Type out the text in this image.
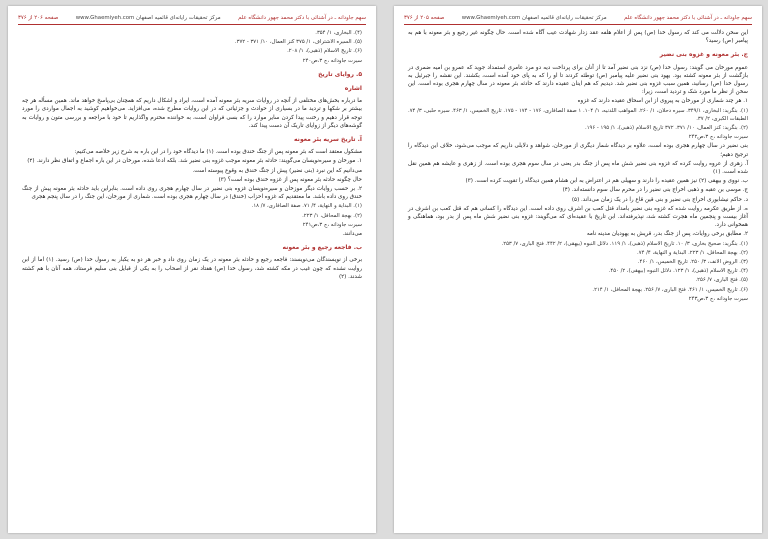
سهم جاودانه ـ در آشنائی با دکتر محمد جهور دانشگاه علم
مرکز تحقیقات رایانه‌ای قائمیه اصفهان www.Ghaemiyeh.com
صفحه ۲۰۵ از ۳۷۶

این سخن دلالت می کند که رسول خدا (ص) پس از اعلام هلفه عقد زدار شهادت عیب آگاه شده است. حال چگونه غیر رجیع و بئر معونه با هم به پیامبر (ص) رسید؟

ج. بئر معونه و غزوه بنی نضیر

عموم مورخان می گویند: رسول خدا (ص) نزد بنی نضیر آمد تا از آنان برای پرداخت دیه دو مرد عامری استمداد جوید که عمرو بن امیه ضمری در بازگشت از بئر معونه کشته بود. یهود بنی نضیر علیه پیامبر (ص) توطئه کردند تا او را که به پای خود آمده است، بکشند. این نقشه را جبرئیل به رسول خدا (ص) رسانید، همین سبب غزوه بنی نضیر شد. دیدیم که هم اینان عقیده دارند که حادثه بئر معونه در سال چهارم هجری بوده است. این سخن از نظر ما مورد شک و تردید است، زیرا:

۱. هر چند شماری از مورخان به پیروی از ابن اسحاق عقیده دارند که غزوه

(۱). بنگرید: البخاری، ۳۴۹/۱. سیره دحلان، ۱/ ۲۶۰. المواهب اللدنیه، ۱/ ۱۰۴. ۱ صفة الصافاری، ۱۷۶ - ۱۷۴ - ۱۷۵. تاریخ الخمیس، ۱/ ۴۶۳. سیره حلبی، ۳/ ۷۴. الطبقات الکبری، ۲/ ۳۷.

(۲). بنگرید: کنز العمال، ۱۰/ ۳۷۱. ۳۷۲ تاریخ الاسلام (ذهبی)، ۱/ ۱۹۵ - ۱۹۶.

سیرت جاودانه ،ج ۳،ص۲۴۲

بنی نضیر در سال چهارم هجری بوده است، علاوه بر دیدگاه شمار دیگری از مورخان، شواهد و دلایلی داریم که موجب می‌شود، خلاف این دیدگاه را ترجیح دهیم؛

آ. زهری از عروه روایت کرده که غزوه بنی نضیر شش ماه پس از جنگ بدر یعنی در سال سوم هجری بوده است. از زهری و عایشه هم همین نقل شده است. (۱)

ب. نووی و بیهقی (۲) نیز همین عقیده را دارند و سهیلی هم در اعتراض به ابن هشام همین دیدگاه را تقویت کرده است. (۳)

ج. موسی بن عقبه و ذهبی اخراج بنی نضیر را در محرم سال سوم دانسته‌اند. (۴)

د. حاکم نیشابوری اخراج بنی نضیر و بنی قین قاع را در یک زمان می‌داند. (۵)

ه. از طریق عکرمه روایت شده که غزوه بنی نضیر بامداد قتل کعب بن اشرف روی داده است. این دیدگاه را کسانی هم که قتل کعب بن اشرف در آغاز بیست و پنجمین ماه هجرت کشته شد، نپذیرفته‌اند. ابن تاریخ با عقیده‌ای که می‌گویند: غزوه بنی نضیر شش ماه پس از بدر بود، هماهنگی و همخوانی دارد.

۲. مطابق برخی روایات، پس از جنگ بدر، قریش به یهودیان مدینه نامه

(۱). بنگرید: صحیح بخاری، ۳/ ۱۰. تاریخ الاسلام (ذهبی)، ۱/ ۱۱۹. دلائل النبوه (بیهقی)، ۲/ ۴۴۲. فتح الباری، ۷/ ۲۵۳.

(۲). بهجة المحافل، ۱/ ۲۲۳. البدایة و النهایة، ۴/ ۷۴.

(۳). الروض الانف، ۳/ ۲۵۰. تاریخ الخمیس، ۱/ ۴۶۰.

(۴). تاریخ الاسلام (ذهبی)، ۱/ ۱۲۳. دلائل النبوه (بیهقی)، ۲/ ۴۵۰.

(۵). فتح الباری، ۷/ ۲۵۶.

(۶). تاریخ الخمیس، ۱/ ۴۶۱. فتح الباری، ۷/ ۲۵۶. بهجة المحافل، ۱/ ۲۱۴.

سیرت جاودانه ،ج ۳،ص۲۴۳

سهم جاودانه ـ در آشنائی با دکتر محمد جهور دانشگاه علم
مرکز تحقیقات رایانه‌ای قائمیه اصفهان www.Ghaemiyeh.com
صفحه ۲۰۶ از ۳۷۶

(۴). البخاری، ۱/ ۳۵۴.

(۵). السیره الاشتراف، ۱/ ۳۷۵ کنز العمال، ۱۰/ ۳۷۱ - ۳۷۲.

(۶). تاریخ الاسلام (ذهبی)، ۱/ ۲۰۸.

سیرت جاودانه ،ج ۳،ص۲۴۰

۵. روایای تاریخ

اشاره

ما درباره بخش‌های مختلفی از آنچه در روایات سریه بئر معونه آمده است، ایراد و اشکال داریم که همچنان بی‌پاسخ خواهد ماند. همین مسأله هر چه بیشتر بر شکها و تردید ما در بسیاری از حوادث و جزئیاتی که در این روایات مطرح شده، می‌افزاید. می‌خواهیم کوشید به اجمال مواردی را مورد توجه قرار دهیم و رخنت پیدا کردن سایر موارد را که بسی فراوان است، به خواننده محترم واگذاریم تا خود با مراجعه و بررسی متون و روایات به گوشه‌های دیگر از زوایای تاریک آن دست پیدا کند.

آ. تاریخ سریه بئر معونه

مشکول معتقد است که بئر معونه پس از جنگ خندق بوده است. (۱) ما دیدگاه خود را در این باره به شرح زیر خلاصه می‌کنیم:

۱. مورخان و سیره‌نویسان می‌گویند: حادثه بئر معونه موجب غزوه بنی نضیر شد. بلکه ادعا شده، مورخان در این باره اجماع و اتفاق نظر دارند. (۲)

می‌دانیم که این نبرد (بنی نضیر) پیش از جنگ خندق به وقوع پیوسته است.

حال چگونه حادثه بئر معونه پس از غزوه خندق بوده است؟ (۳)

۲. بر حسب روایات دیگر موزخان و سیره‌نویسان غزوه بنی نضیر در سال چهارم هجری روی داده است. بنابراین باید حادثه بئر معونه پیش از جنگ خندق روی داده باشد. ما معتقدیم که غزوه احزاب (خندق) در سال چهارم هجری بوده است. شماری از مورخان، این جنگ را در سال پنجم هجری

(۱). البدایة و النهایة، ۴/ ۷۱. صفة الصافاری، ۷/ ۱۸.

(۲). بهجة المحافل، ۱/ ۲۲۳.

سیرت جاودانه ،ج ۳،ص۲۴۱

می‌دانند.

ب. فاجعه رجیع و بئر معونه

برخی از نویسندگان می‌نویسند: فاجعه رجیع و حادثه بئر معونه در یک زمان روی داد و خبر هر دو به یکبار به رسول خدا (ص) رسید. (۱) اما از ابن روایت نشده که چون غیب در مکه کشته شد، رسول خدا (ص) هفتاد نفر از اصحاب را به یکی از قبایل بنی سلیم فرستاد، همه آنان با هم کشته شدند. (۲)
